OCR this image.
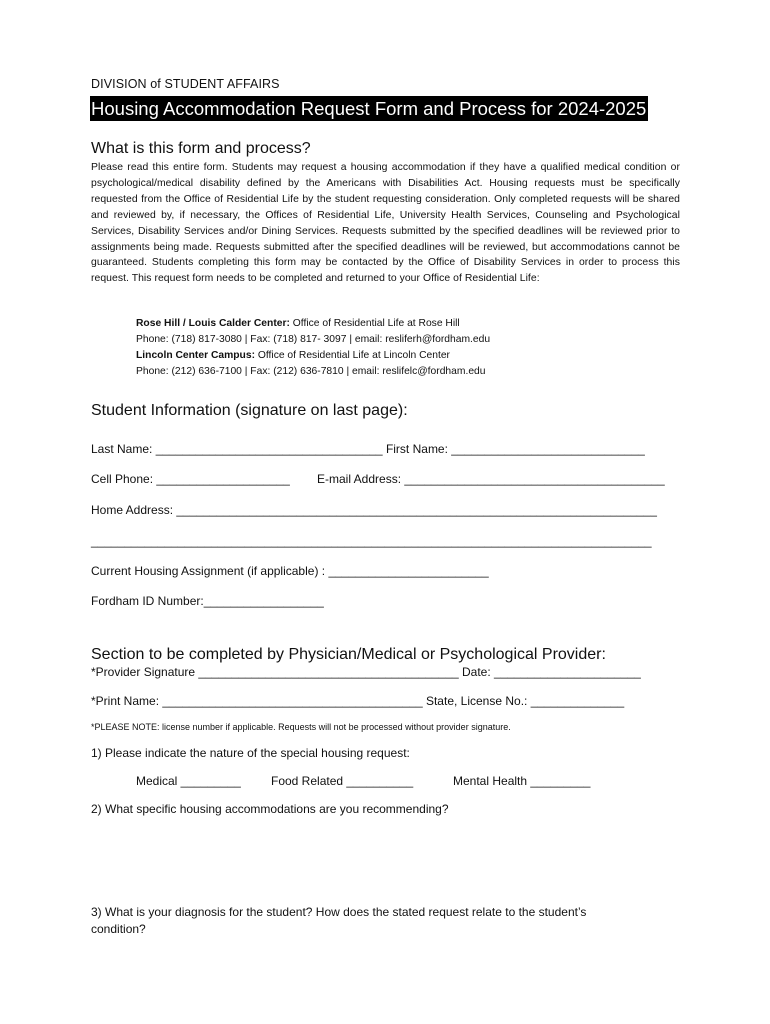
DIVISION of STUDENT AFFAIRS
Housing Accommodation Request Form and Process for 2024-2025
What is this form and process?
Please read this entire form. Students may request a housing accommodation if they have a qualified medical condition or psychological/medical disability defined by the Americans with Disabilities Act. Housing requests must be specifically requested from the Office of Residential Life by the student requesting consideration. Only completed requests will be shared and reviewed by, if necessary, the Offices of Residential Life, University Health Services, Counseling and Psychological Services, Disability Services and/or Dining Services. Requests submitted by the specified deadlines will be reviewed prior to assignments being made. Requests submitted after the specified deadlines will be reviewed, but accommodations cannot be guaranteed. Students completing this form may be contacted by the Office of Disability Services in order to process this request. This request form needs to be completed and returned to your Office of Residential Life:
Rose Hill / Louis Calder Center: Office of Residential Life at Rose Hill
Phone: (718) 817-3080 | Fax: (718) 817- 3097 | email: resliferh@fordham.edu
Lincoln Center Campus: Office of Residential Life at Lincoln Center
Phone: (212) 636-7100 | Fax: (212) 636-7810 | email: reslifelc@fordham.edu
Student Information (signature on last page):
Last Name: __________________________________ First Name: _____________________________
Cell Phone: ____________________ E-mail Address: _______________________________________
Home Address: ________________________________________________________________________
____________________________________________________________________________________
Current Housing Assignment (if applicable) : ________________________
Fordham ID Number:__________________
Section to be completed by Physician/Medical or Psychological Provider:
*Provider Signature _______________________________________ Date: ______________________
*Print Name: _______________________________________ State, License No.: ______________
*PLEASE NOTE: license number if applicable. Requests will not be processed without provider signature.
1) Please indicate the nature of the special housing request:
Medical _________	Food Related __________	Mental Health _________
2) What specific housing accommodations are you recommending?
3) What is your diagnosis for the student? How does the stated request relate to the student’s
condition?
